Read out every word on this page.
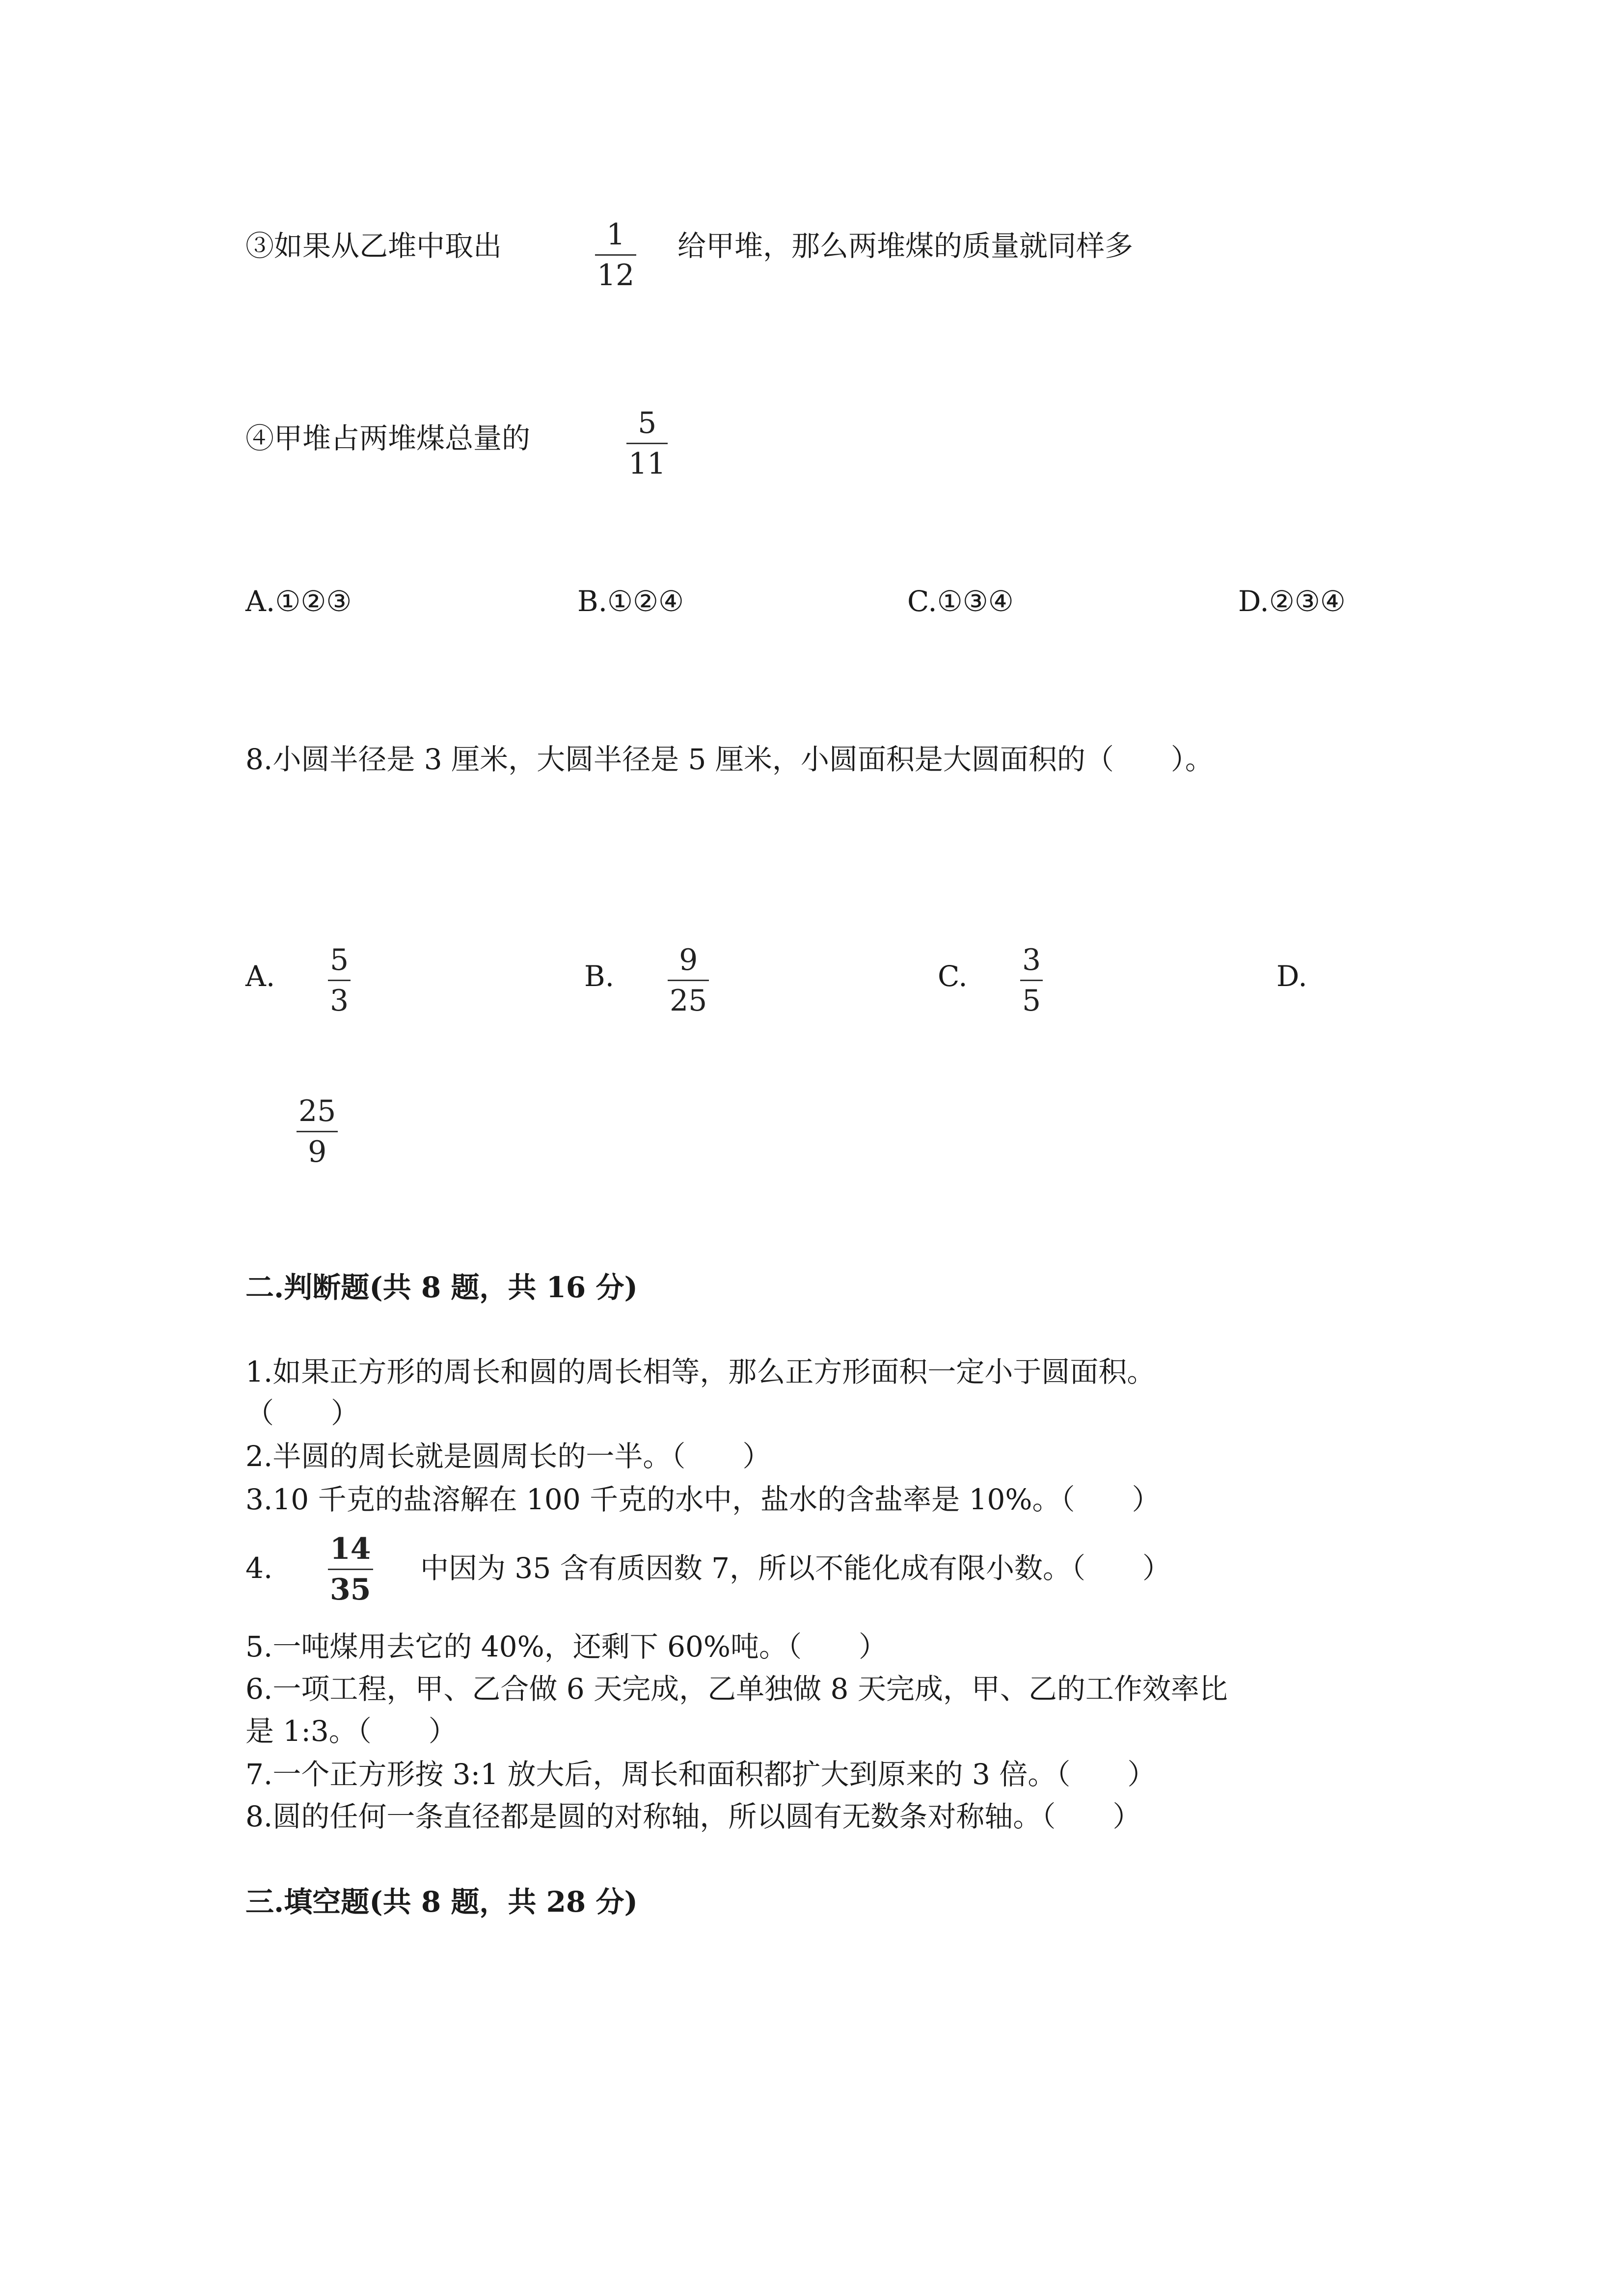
③如果从乙堆中取出	1
12
给甲堆，那么两堆煤的质量就同样多
④甲堆占两堆煤总量的	5
11
A.①②③	B.①②④	C.①③④	D.②③④
8.小圆半径是 3 厘米，大圆半径是 5 厘米，小圆面积是大圆面积的（　　）。
A. 5
3
B. 9
25
C. 3
5
D.
25
9
二.判断题(共 8 题，共 16 分)
1.如果正方形的周长和圆的周长相等，那么正方形面积一定小于圆面积。
（　　）
2.半圆的周长就是圆周长的一半。（　　）
3.10 千克的盐溶解在 100 千克的水中，盐水的含盐率是 10%。（　　）
4.
14
35
中因为 35 含有质因数 7，所以不能化成有限小数。（　　）
5.一吨煤用去它的 40%，还剩下 60%吨。（　　）
6.一项工程，甲、乙合做 6 天完成，乙单独做 8 天完成，甲、乙的工作效率比
是 1:3。（　　）
7.一个正方形按 3:1 放大后，周长和面积都扩大到原来的 3 倍。（　　）
8.圆的任何一条直径都是圆的对称轴，所以圆有无数条对称轴。（　　）
三.填空题(共 8 题，共 28 分)
